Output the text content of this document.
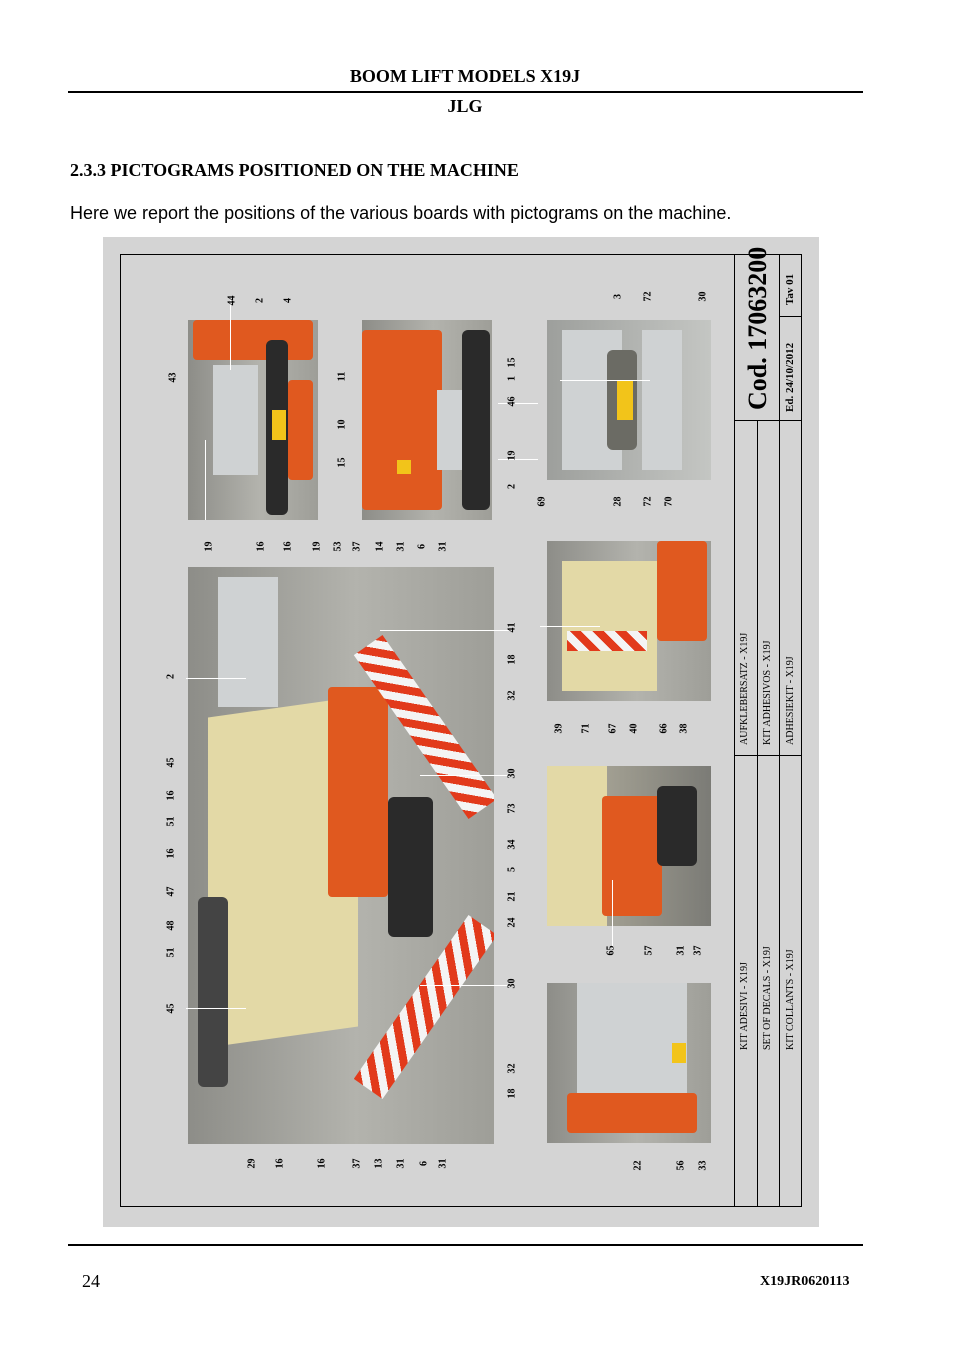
BOOM LIFT MODELS X19J
JLG
2.3.3 PICTOGRAMS POSITIONED ON THE MACHINE
Here we report the positions of the various boards with pictograms on the machine.
43
44 2 4
19
15
10
11
46
19
2
15
1
3 72	30
69	28 72 70
2
45
16
51
16
47
48
51
45
16 16 19 53 37 14 31 6 31
29 16	16 37 13 31 6 31
41
18
32
30
73
34
5
21
24
30
32
18
39 71 67 40 66 38
65	57 31 37
22	56 33
Cod. 17063200 Ed. 24/10/2012
Tav 01
AUFKLEBERSATZ - X19J KIT ADHESIVOS - X19J ADHESIEKIT - X19J
KIT ADESIVI - X19J SET OF DECALS - X19J KIT COLLANTS - X19J
24	X19JR0620113
